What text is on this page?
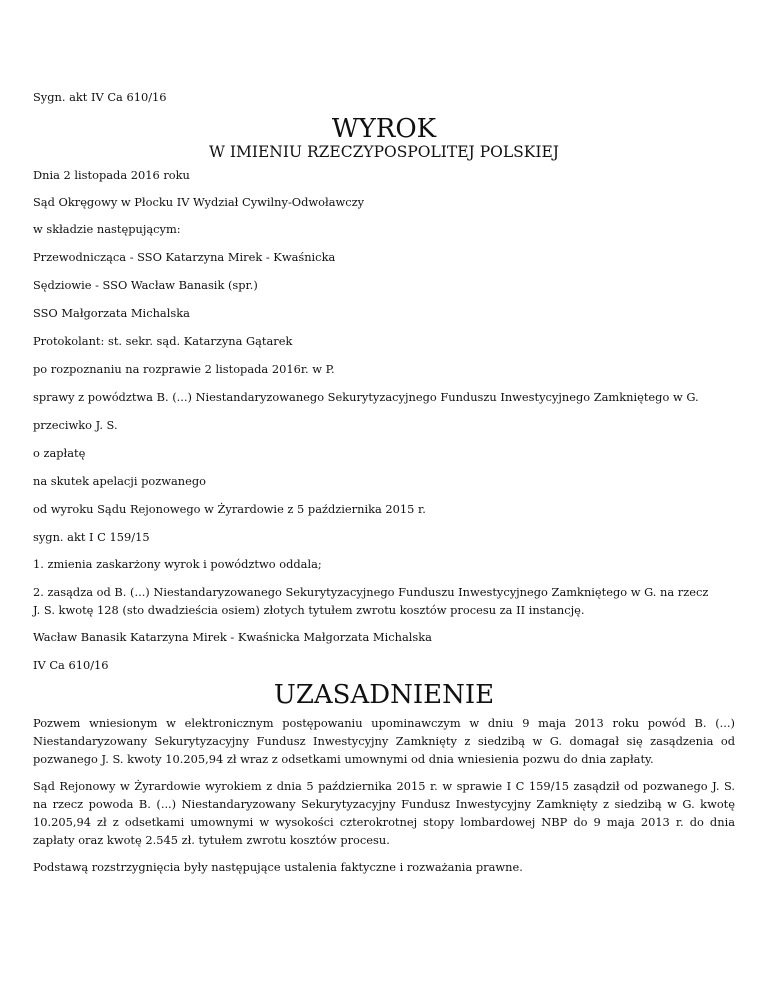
Sygn. akt IV Ca 610/16

WYROK
W IMIENIU RZECZYPOSPOLITEJ POLSKIEJ

Dnia 2 listopada 2016 roku

Sąd Okręgowy w Płocku IV Wydział Cywilny-Odwoławczy

w składzie następującym:

Przewodnicząca - SSO Katarzyna Mirek - Kwaśnicka

Sędziowie - SSO Wacław Banasik (spr.)

SSO Małgorzata Michalska

Protokolant: st. sekr. sąd. Katarzyna Gątarek

po rozpoznaniu na rozprawie 2 listopada 2016r. w P.

sprawy z powództwa B. (...) Niestandaryzowanego Sekurytyzacyjnego Funduszu Inwestycyjnego Zamkniętego w G.

przeciwko J. S.

o zapłatę

na skutek apelacji pozwanego

od wyroku Sądu Rejonowego w Żyrardowie z 5 października 2015 r.

sygn. akt I C 159/15

1. zmienia zaskarżony wyrok i powództwo oddala;

2. zasądza od B. (...) Niestandaryzowanego Sekurytyzacyjnego Funduszu Inwestycyjnego Zamkniętego w G. na rzecz
J. S. kwotę 128 (sto dwadzieścia osiem) złotych tytułem zwrotu kosztów procesu za II instancję.

Wacław Banasik Katarzyna Mirek - Kwaśnicka Małgorzata Michalska

IV Ca 610/16

UZASADNIENIE
Pozwem wniesionym w elektronicznym postępowaniu upominawczym w dniu 9 maja 2013 roku powód B. (...)
Niestandaryzowany Sekurytyzacyjny Fundusz Inwestycyjny Zamknięty z siedzibą w G. domagał się zasądzenia od
pozwanego J. S. kwoty 10.205,94 zł wraz z odsetkami umownymi od dnia wniesienia pozwu do dnia zapłaty.
Sąd Rejonowy w Żyrardowie wyrokiem z dnia 5 października 2015 r. w sprawie I C 159/15 zasądził od pozwanego J. S.
na rzecz powoda B. (...) Niestandaryzowany Sekurytyzacyjny Fundusz Inwestycyjny Zamknięty z siedzibą w G. kwotę
10.205,94 zł z odsetkami umownymi w wysokości czterokrotnej stopy lombardowej NBP do 9 maja 2013 r. do dnia
zapłaty oraz kwotę 2.545 zł. tytułem zwrotu kosztów procesu.

Podstawą rozstrzygnięcia były następujące ustalenia faktyczne i rozważania prawne.
